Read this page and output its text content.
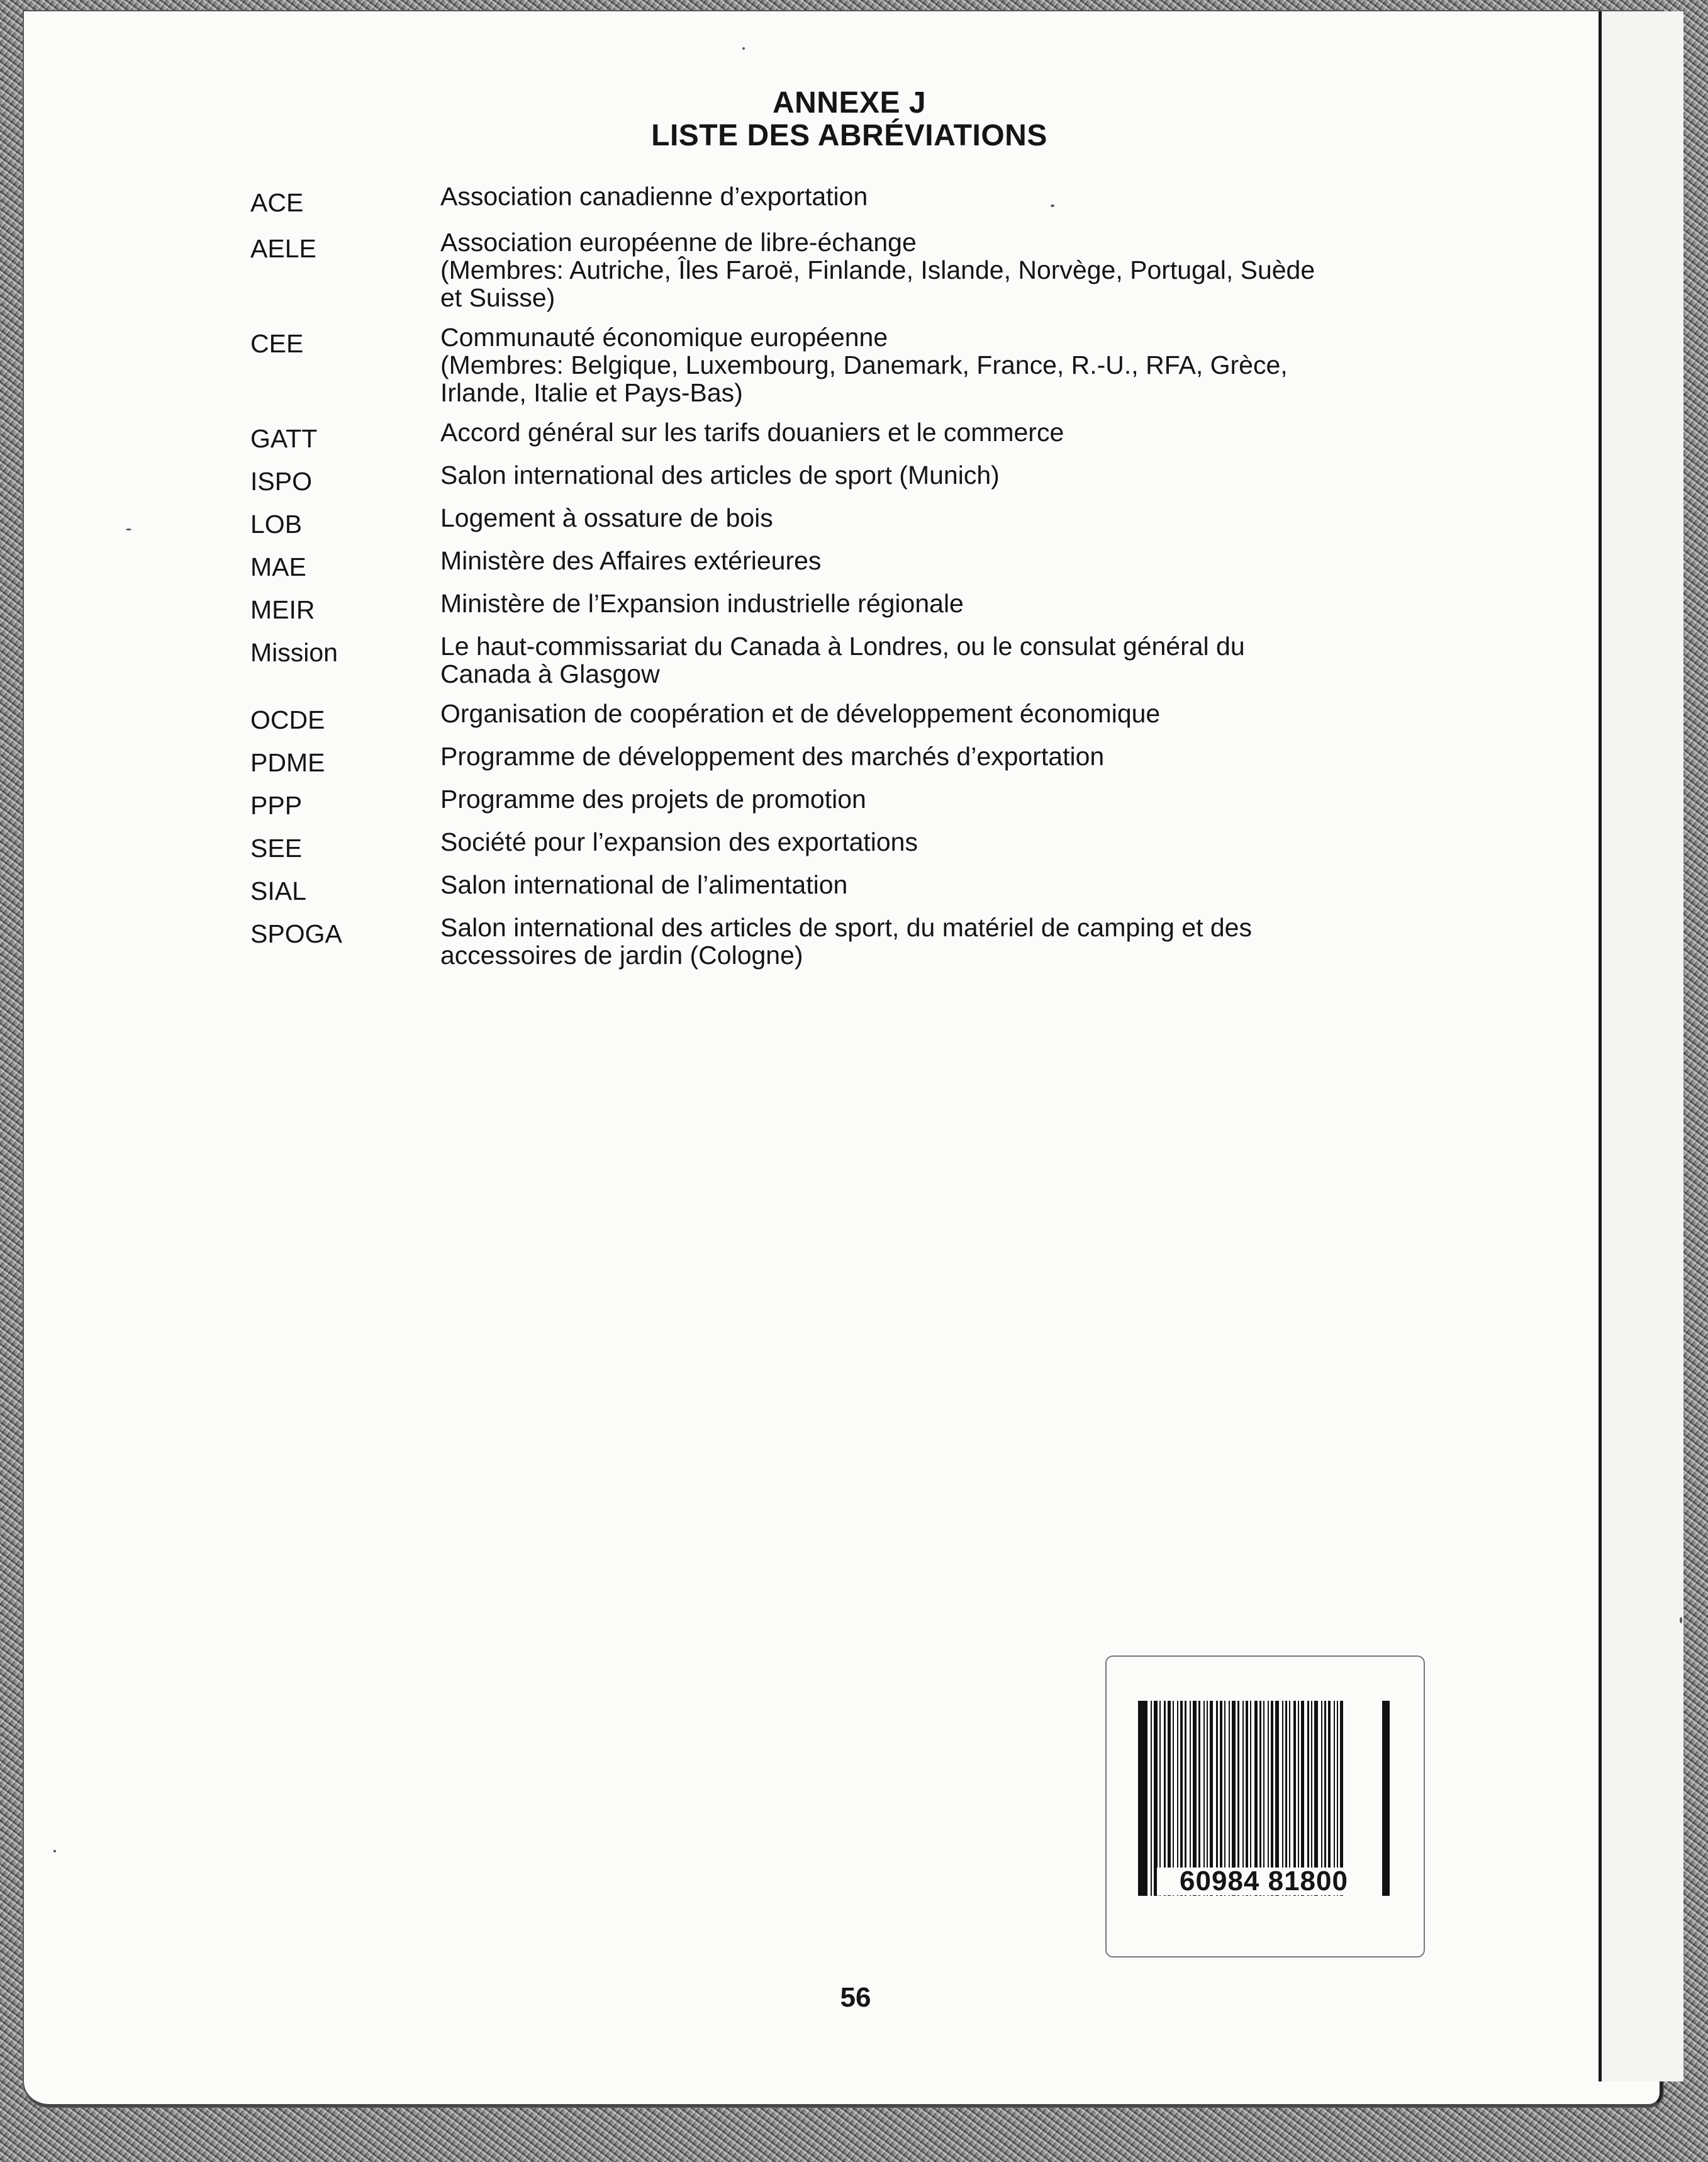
ANNEXE J
LISTE DES ABRÉVIATIONS
ACE	Association canadienne d’exportation
AELE	Association européenne de libre-échange
(Membres: Autriche, Îles Faroë, Finlande, Islande, Norvège, Portugal, Suède
et Suisse)
CEE	Communauté économique européenne
(Membres: Belgique, Luxembourg, Danemark, France, R.-U., RFA, Grèce,
Irlande, Italie et Pays-Bas)
GATT	Accord général sur les tarifs douaniers et le commerce
ISPO	Salon international des articles de sport (Munich)
LOB	Logement à ossature de bois
MAE	Ministère des Affaires extérieures
MEIR	Ministère de l’Expansion industrielle régionale
Mission	Le haut-commissariat du Canada à Londres, ou le consulat général du
Canada à Glasgow
OCDE	Organisation de coopération et de développement économique
PDME	Programme de développement des marchés d’exportation
PPP	Programme des projets de promotion
SEE	Société pour l’expansion des exportations
SIAL	Salon international de l’alimentation
SPOGA	Salon international des articles de sport, du matériel de camping et des
accessoires de jardin (Cologne)
60984 81800
56
